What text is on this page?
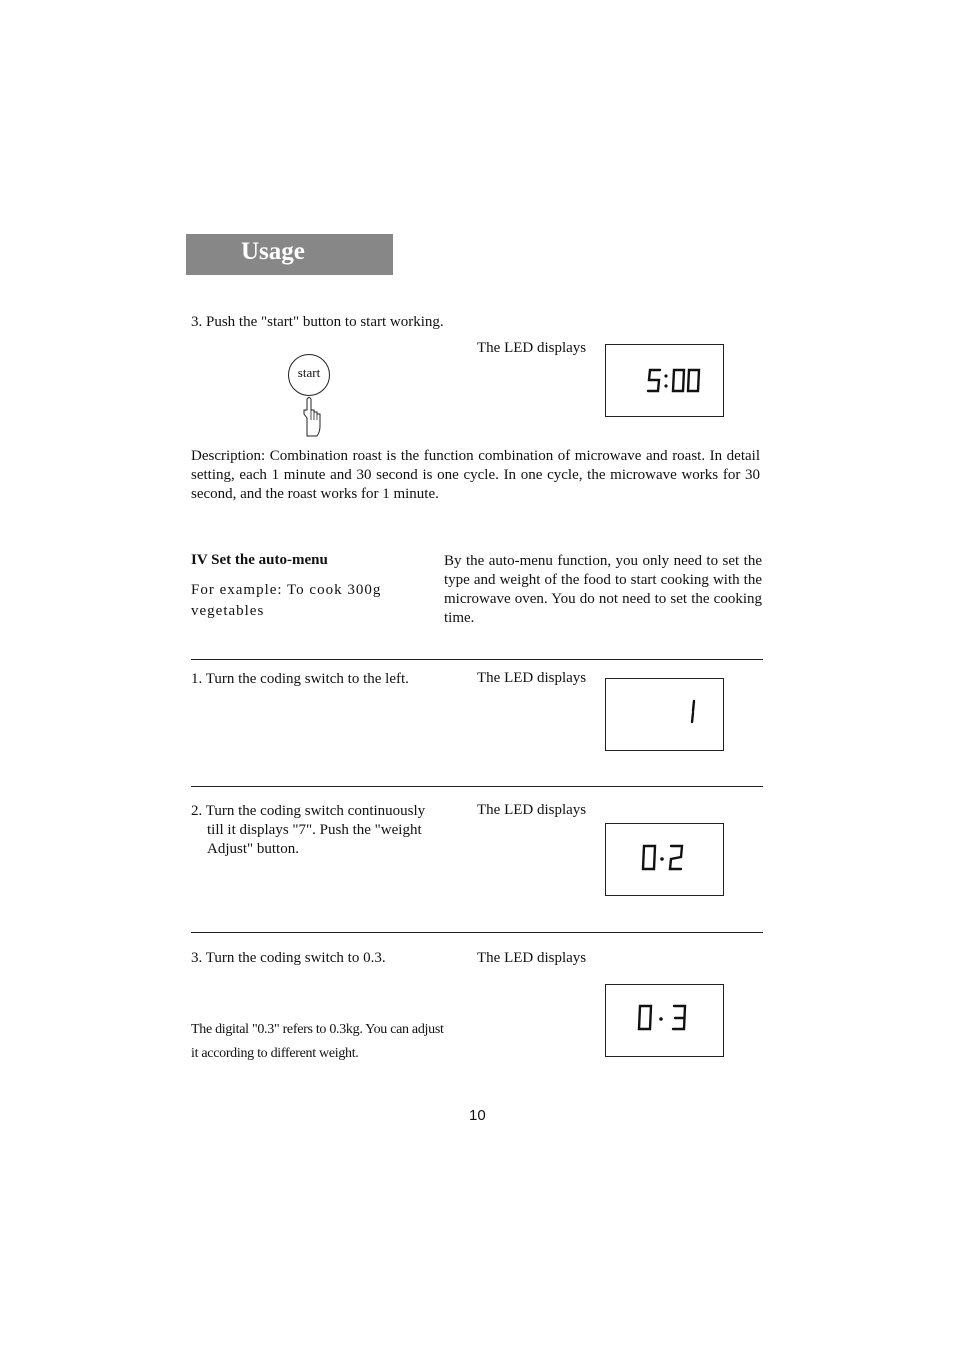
Usage
3. Push the "start" button to start working.
The LED displays
start
Description: Combination roast is the function combination of microwave and roast. In detail setting, each 1 minute and 30 second is one cycle. In one cycle, the microwave works for 30 second, and the roast works for 1 minute.
IV Set the auto-menu
For example: To cook 300g vegetables
By the auto-menu function, you only need to set the type and weight of the food to start cooking with the microwave oven. You do not need to set the cooking time.
1. Turn the coding switch to the left.	The LED displays
2. Turn the coding switch continuously
till it displays "7". Push the "weight
Adjust" button.
The LED displays
3. Turn the coding switch to 0.3.	The LED displays
The digital "0.3" refers to 0.3kg. You can adjust it according to different weight.
10
